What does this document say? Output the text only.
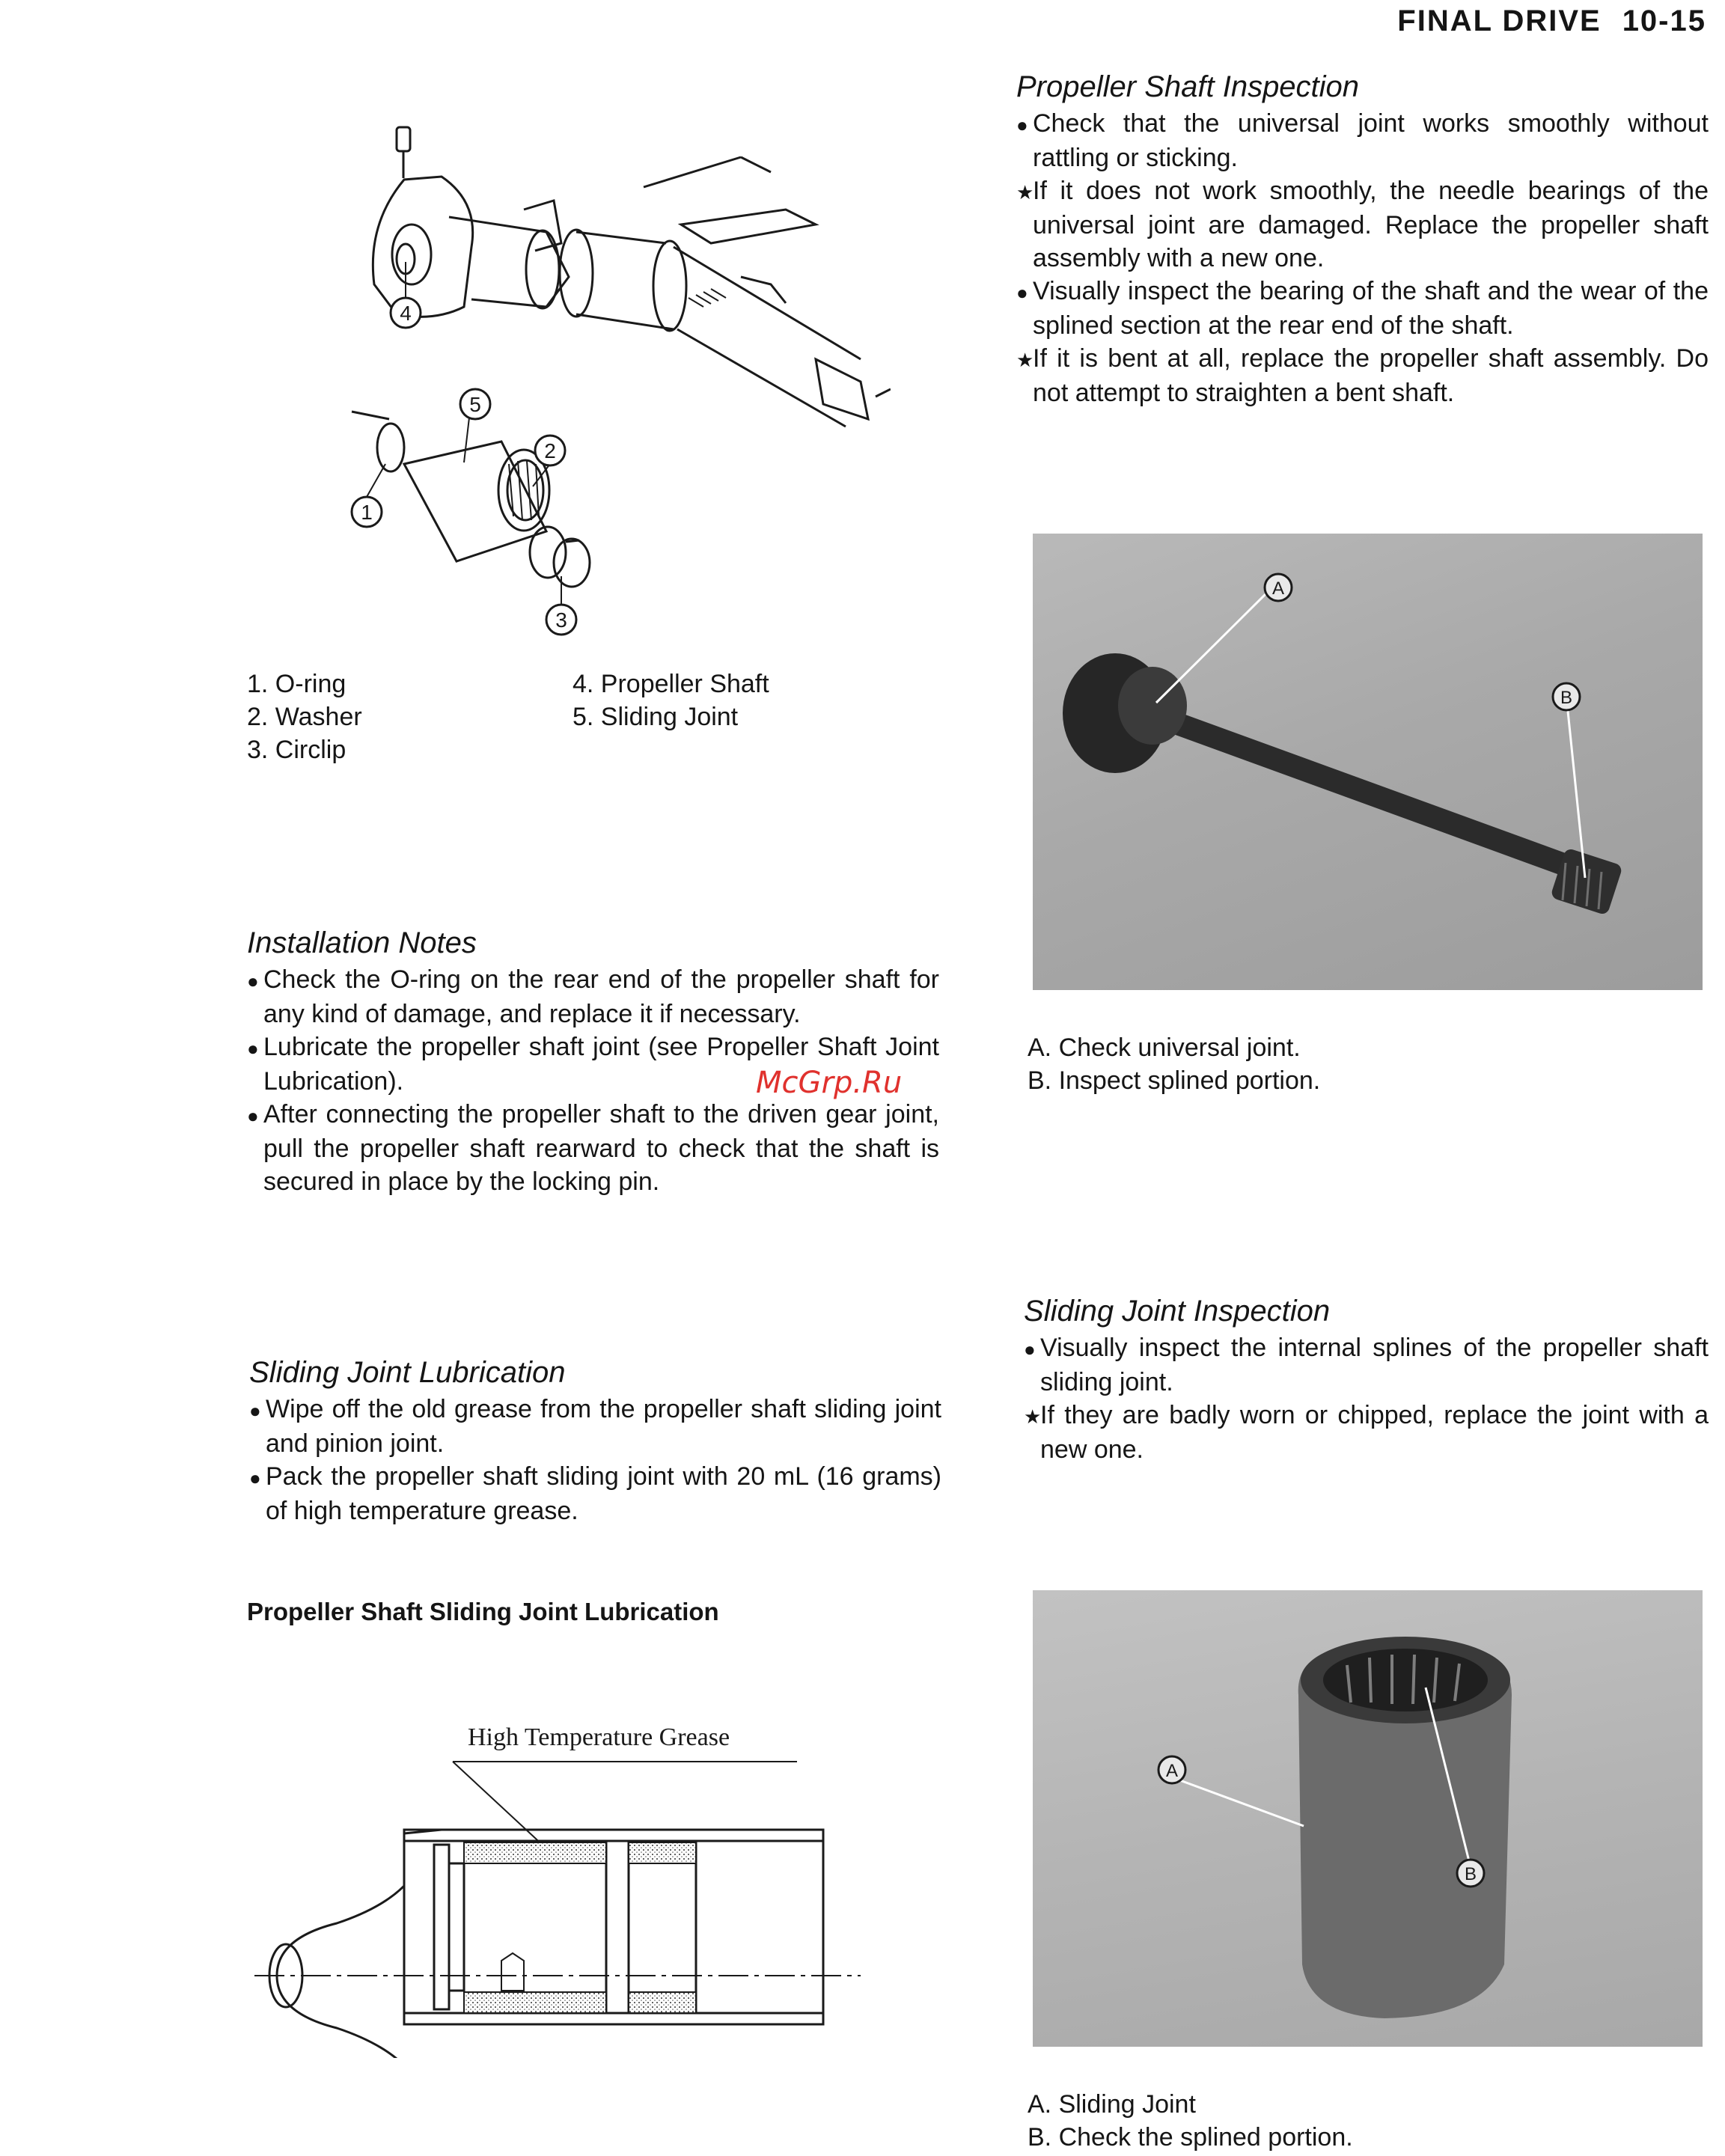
FINAL DRIVE 10-15
4
5
2
3
1
1. O-ring
2. Washer
3. Circlip
4. Propeller Shaft
5. Sliding Joint
Propeller Shaft Inspection
● Check that the universal joint works smoothly without rattling or sticking.
★If it does not work smoothly, the needle bearings of the universal joint are damaged. Replace the propeller shaft assembly with a new one.
● Visually inspect the bearing of the shaft and the wear of the splined section at the rear end of the shaft.
★If it is bent at all, replace the propeller shaft assembly. Do not attempt to straighten a bent shaft.
A
B
A. Check universal joint.
B. Inspect splined portion.
Installation Notes
● Check the O-ring on the rear end of the propeller shaft for any kind of damage, and replace it if necessary.
● Lubricate the propeller shaft joint (see Propeller Shaft Joint Lubrication).
● After connecting the propeller shaft to the driven gear joint, pull the propeller shaft rearward to check that the shaft is secured in place by the locking pin.
McGrp.Ru
Sliding Joint Inspection
● Visually inspect the internal splines of the propeller shaft sliding joint.
★If they are badly worn or chipped, replace the joint with a new one.
Sliding Joint Lubrication
● Wipe off the old grease from the propeller shaft sliding joint and pinion joint.
● Pack the propeller shaft sliding joint with 20 mL (16 grams) of high temperature grease.
Propeller Shaft Sliding Joint Lubrication
High Temperature Grease
A
B
A. Sliding Joint
B. Check the splined portion.
